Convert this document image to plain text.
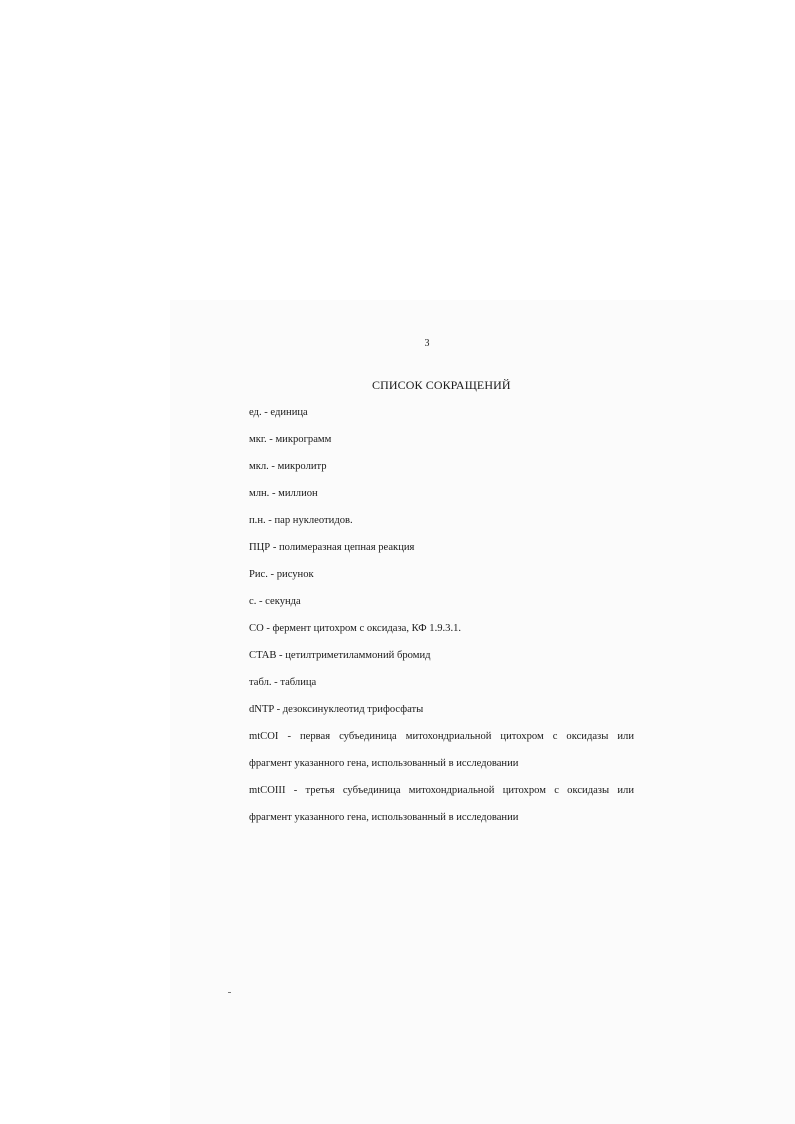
3
СПИСОК СОКРАЩЕНИЙ
ед. - единица
мкг. - микрограмм
мкл. - микролитр
млн. - миллион
п.н. - пар нуклеотидов.
ПЦР - полимеразная цепная реакция
Рис. - рисунок
с. - секунда
CO - фермент цитохром с оксидаза, КФ 1.9.3.1.
CTAB - цетилтриметиламмоний бромид
табл. - таблица
dNTP - дезоксинуклеотид трифосфаты
mtCOI - первая субъединица митохондриальной цитохром с оксидазы или
фрагмент указанного гена, использованный в исследовании
mtCOIII - третья субъединица митохондриальной цитохром с оксидазы или
фрагмент указанного гена, использованный в исследовании
